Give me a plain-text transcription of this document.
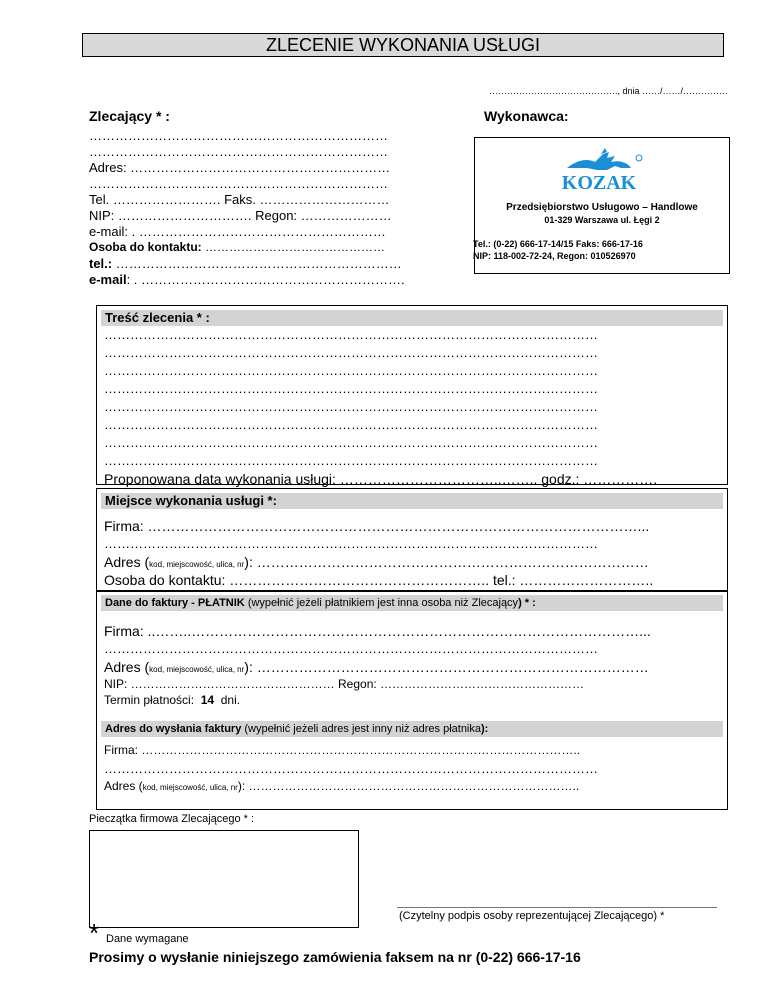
ZLECENIE WYKONANIA USŁUGI
……………………………………., dnia ……/……/……………
Zlecający * :
……………………………………………………………
……………………………………………………………
Adres: ……………………………………………………
……………………………………………………………
Tel. ……………………. Faks. …………………………
NIP: …………………………. Regon: …………………
e-mail: . …………………………………………………
Osoba do kontaktu: ………………………………………
tel.: …………………………………………………………
e-mail: . …………………………………………………….
Wykonawca:
KOZAK
Przedsiębiorstwo Usługowo – Handlowe
01-329 Warszawa ul. Łęgi 2
Tel.: (0-22) 666-17-14/15 Faks: 666-17-16
NIP: 118-002-72-24, Regon: 010526970
Treść zlecenia * :
……………………………………………………………………………………………………
……………………………………………………………………………………………………
……………………………………………………………………………………………………
……………………………………………………………………………………………………
……………………………………………………………………………………………………
……………………………………………………………………………………………………
……………………………………………………………………………………………………
……………………………………………………………………………………………………
Proponowana data wykonania usługi: ……………………………..…….. godz.: …………….
Miejsce wykonania usługi *:
Firma: ……………………………………………………………………………………………...
……………………………………………………………………………………………………
Adres (kod, miejscowość, ulica, nr): …………………………………………………………………………
Osoba do kontaktu: ……………………………………………….. tel.: ………………………..
Dane do faktury - PŁATNIK (wypełnić jeżeli płatnikiem jest inna osoba niż Zlecający) * :
Firma: ..……..……………………………………………………………………………………...
……………………………………………………………………………………………………
Adres (kod, miejscowość, ulica, nr): …………………………………………………………………………
NIP: …………………………………………… Regon: ……………………………………………
Termin płatności: 14 dni.
Adres do wysłania faktury (wypełnić jeżeli adres jest inny niż adres płatnika):
Firma: ………………………………………………………………………………………………..
……………………………………………………………………………………………………
Adres (kod, miejscowość, ulica, nr): ………………………………………………………………………..
Pieczątka firmowa Zlecającego * :
(Czytelny podpis osoby reprezentującej Zlecającego) *
* Dane wymagane
Prosimy o wysłanie niniejszego zamówienia faksem na nr (0-22) 666-17-16
